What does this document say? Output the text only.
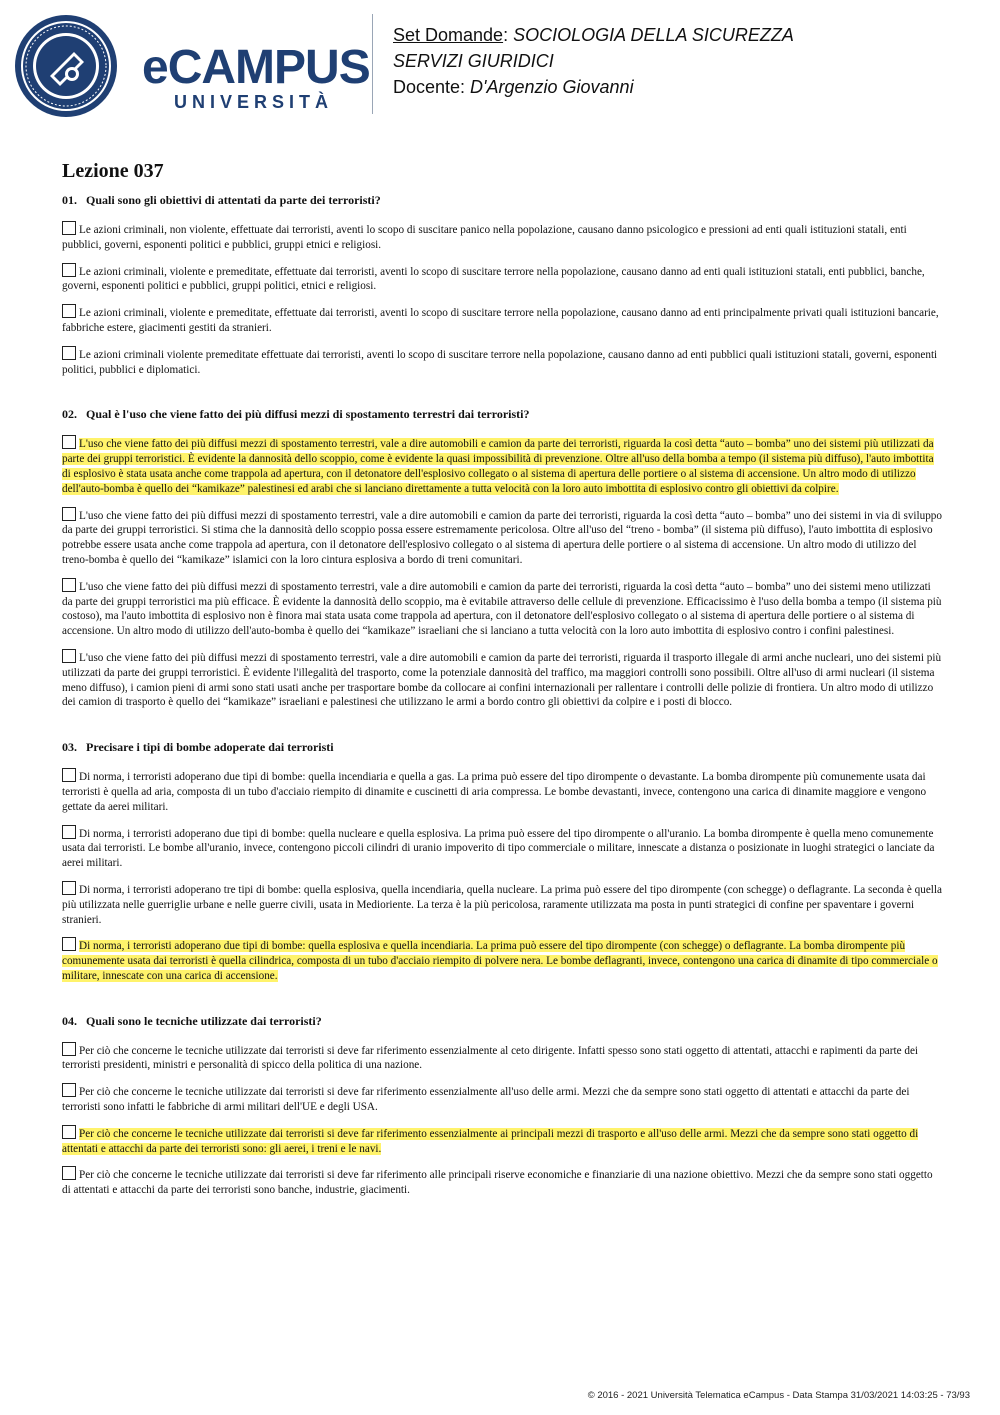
eCAMPUS
UNIVERSITÀ
Set Domande: SOCIOLOGIA DELLA SICUREZZA
SERVIZI GIURIDICI
Docente: D'Argenzio Giovanni
Lezione 037
01. Quali sono gli obiettivi di attentati da parte dei terroristi?
Le azioni criminali, non violente, effettuate dai terroristi, aventi lo scopo di suscitare panico nella popolazione, causano danno psicologico e pressioni ad enti quali istituzioni statali, enti pubblici, governi, esponenti politici e pubblici, gruppi etnici e religiosi.
Le azioni criminali, violente e premeditate, effettuate dai terroristi, aventi lo scopo di suscitare terrore nella popolazione, causano danno ad enti quali istituzioni statali, enti pubblici, banche, governi, esponenti politici e pubblici, gruppi politici, etnici e religiosi.
Le azioni criminali, violente e premeditate, effettuate dai terroristi, aventi lo scopo di suscitare terrore nella popolazione, causano danno ad enti principalmente privati quali istituzioni bancarie, fabbriche estere, giacimenti gestiti da stranieri.
Le azioni criminali violente premeditate effettuate dai terroristi, aventi lo scopo di suscitare terrore nella popolazione, causano danno ad enti pubblici quali istituzioni statali, governi, esponenti politici, pubblici e diplomatici.
02. Qual è l'uso che viene fatto dei più diffusi mezzi di spostamento terrestri dai terroristi?
L'uso che viene fatto dei più diffusi mezzi di spostamento terrestri, vale a dire automobili e camion da parte dei terroristi, riguarda la così detta “auto – bomba” uno dei sistemi più utilizzati da parte dei gruppi terroristici. È evidente la dannosità dello scoppio, come è evidente la quasi impossibilità di prevenzione. Oltre all'uso della bomba a tempo (il sistema più diffuso), l'auto imbottita di esplosivo è stata usata anche come trappola ad apertura, con il detonatore dell'esplosivo collegato o al sistema di apertura delle portiere o al sistema di accensione. Un altro modo di utilizzo dell'auto-bomba è quello dei “kamikaze” palestinesi ed arabi che si lanciano direttamente a tutta velocità con la loro auto imbottita di esplosivo contro gli obiettivi da colpire.
L'uso che viene fatto dei più diffusi mezzi di spostamento terrestri, vale a dire automobili e camion da parte dei terroristi, riguarda la così detta “auto – bomba” uno dei sistemi in via di sviluppo da parte dei gruppi terroristici. Si stima che la dannosità dello scoppio possa essere estremamente pericolosa. Oltre all'uso del “treno - bomba” (il sistema più diffuso), l'auto imbottita di esplosivo potrebbe essere usata anche come trappola ad apertura, con il detonatore dell'esplosivo collegato o al sistema di apertura delle portiere o al sistema di accensione. Un altro modo di utilizzo del treno-bomba è quello dei “kamikaze” islamici con la loro cintura esplosiva a bordo di treni comunitari.
L'uso che viene fatto dei più diffusi mezzi di spostamento terrestri, vale a dire automobili e camion da parte dei terroristi, riguarda la così detta “auto – bomba” uno dei sistemi meno utilizzati da parte dei gruppi terroristici ma più efficace. È evidente la dannosità dello scoppio, ma è evitabile attraverso delle cellule di prevenzione. Efficacissimo è l'uso della bomba a tempo (il sistema più costoso), ma l'auto imbottita di esplosivo non è finora mai stata usata come trappola ad apertura, con il detonatore dell'esplosivo collegato o al sistema di apertura delle portiere o al sistema di accensione. Un altro modo di utilizzo dell'auto-bomba è quello dei “kamikaze” israeliani che si lanciano a tutta velocità con la loro auto imbottita di esplosivo contro i confini palestinesi.
L'uso che viene fatto dei più diffusi mezzi di spostamento terrestri, vale a dire automobili e camion da parte dei terroristi, riguarda il trasporto illegale di armi anche nucleari, uno dei sistemi più utilizzati da parte dei gruppi terroristici. È evidente l'illegalità del trasporto, come la potenziale dannosità del traffico, ma maggiori controlli sono possibili. Oltre all'uso di armi nucleari (il sistema meno diffuso), i camion pieni di armi sono stati usati anche per trasportare bombe da collocare ai confini internazionali per rallentare i controlli delle polizie di frontiera. Un altro modo di utilizzo dei camion di trasporto è quello dei “kamikaze” israeliani e palestinesi che utilizzano le armi a bordo contro gli obiettivi da colpire e i posti di blocco.
03. Precisare i tipi di bombe adoperate dai terroristi
Di norma, i terroristi adoperano due tipi di bombe: quella incendiaria e quella a gas. La prima può essere del tipo dirompente o devastante. La bomba dirompente più comunemente usata dai terroristi è quella ad aria, composta di un tubo d'acciaio riempito di dinamite e cuscinetti di aria compressa. Le bombe devastanti, invece, contengono una carica di dinamite maggiore e vengono gettate da aerei militari.
Di norma, i terroristi adoperano due tipi di bombe: quella nucleare e quella esplosiva. La prima può essere del tipo dirompente o all'uranio. La bomba dirompente è quella meno comunemente usata dai terroristi. Le bombe all'uranio, invece, contengono piccoli cilindri di uranio impoverito di tipo commerciale o militare, innescate a distanza o posizionate in luoghi strategici o lanciate da aerei militari.
Di norma, i terroristi adoperano tre tipi di bombe: quella esplosiva, quella incendiaria, quella nucleare. La prima può essere del tipo dirompente (con schegge) o deflagrante. La seconda è quella più utilizzata nelle guerriglie urbane e nelle guerre civili, usata in Medioriente. La terza è la più pericolosa, raramente utilizzata ma posta in punti strategici di confine per spaventare i governi stranieri.
Di norma, i terroristi adoperano due tipi di bombe: quella esplosiva e quella incendiaria. La prima può essere del tipo dirompente (con schegge) o deflagrante. La bomba dirompente più comunemente usata dai terroristi è quella cilindrica, composta di un tubo d'acciaio riempito di polvere nera. Le bombe deflagranti, invece, contengono una carica di dinamite di tipo commerciale o militare, innescate con una carica di accensione.
04. Quali sono le tecniche utilizzate dai terroristi?
Per ciò che concerne le tecniche utilizzate dai terroristi si deve far riferimento essenzialmente al ceto dirigente. Infatti spesso sono stati oggetto di attentati, attacchi e rapimenti da parte dei terroristi presidenti, ministri e personalità di spicco della politica di una nazione.
Per ciò che concerne le tecniche utilizzate dai terroristi si deve far riferimento essenzialmente all'uso delle armi. Mezzi che da sempre sono stati oggetto di attentati e attacchi da parte dei terroristi sono infatti le fabbriche di armi militari dell'UE e degli USA.
Per ciò che concerne le tecniche utilizzate dai terroristi si deve far riferimento essenzialmente ai principali mezzi di trasporto e all'uso delle armi. Mezzi che da sempre sono stati oggetto di attentati e attacchi da parte dei terroristi sono: gli aerei, i treni e le navi.
Per ciò che concerne le tecniche utilizzate dai terroristi si deve far riferimento alle principali riserve economiche e finanziarie di una nazione obiettivo. Mezzi che da sempre sono stati oggetto di attentati e attacchi da parte dei terroristi sono banche, industrie, giacimenti.
© 2016 - 2021 Università Telematica eCampus - Data Stampa 31/03/2021 14:03:25 - 73/93
